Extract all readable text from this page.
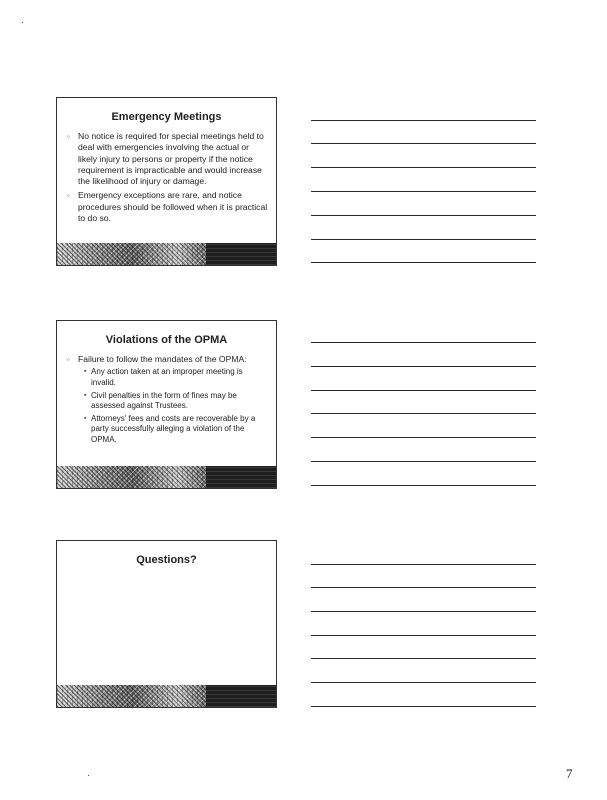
Emergency Meetings
◦ No notice is required for special meetings held to deal with emergencies involving the actual or likely injury to persons or property if the notice requirement is impracticable and would increase the likelihood of injury or damage.
◦ Emergency exceptions are rare, and notice procedures should be followed when it is practical to do so.
Violations of the OPMA
◦ Failure to follow the mandates of the OPMA:
▪ Any action taken at an improper meeting is invalid.
▪ Civil penalties in the form of fines may be assessed against Trustees.
▪ Attorneys' fees and costs are recoverable by a party successfully alleging a violation of the OPMA.
Questions?
7
